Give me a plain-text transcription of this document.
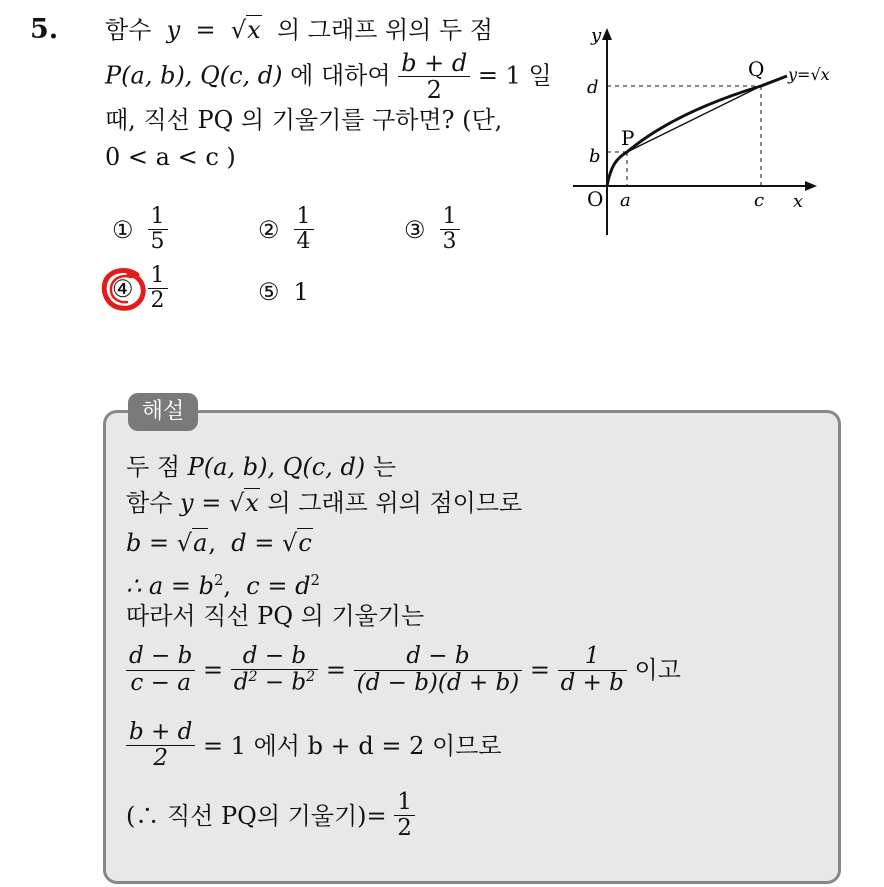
5. 함수 y = √x 의 그래프 위의 두 점
P(a, b), Q(c, d) 에 대하여 $\frac{b + d}{2} = 1$ 일
때, 직선 PQ 의 기울기를 구하면? (단,
0 < a < c )
y
x
O a	c
b
d
P
Q y=√x
① $\frac{1}{5}$	② $\frac{1}{4}$	③ $\frac{1}{3}$
④ $\frac{1}{2}$	⑤ 1
해설
두 점 P(a, b), Q(c, d) 는
함수 y = √x 의 그래프 위의 점이므로
b = √a,  d = √c
∴ $a = b^2$,  $c = d^2$
따라서 직선 PQ 의 기울기는
$\frac{d - b}{c - a} = \frac{d - b}{d^2 - b^2} = \frac{d - b}{(d - b)(d + b)} = \frac{1}{d + b}$
이고
$\frac{b + d}{2}$
= 1 에서 b + d = 2 이므로
(∴ 직선 PQ의 기울기)=
$\frac{1}{2}$
